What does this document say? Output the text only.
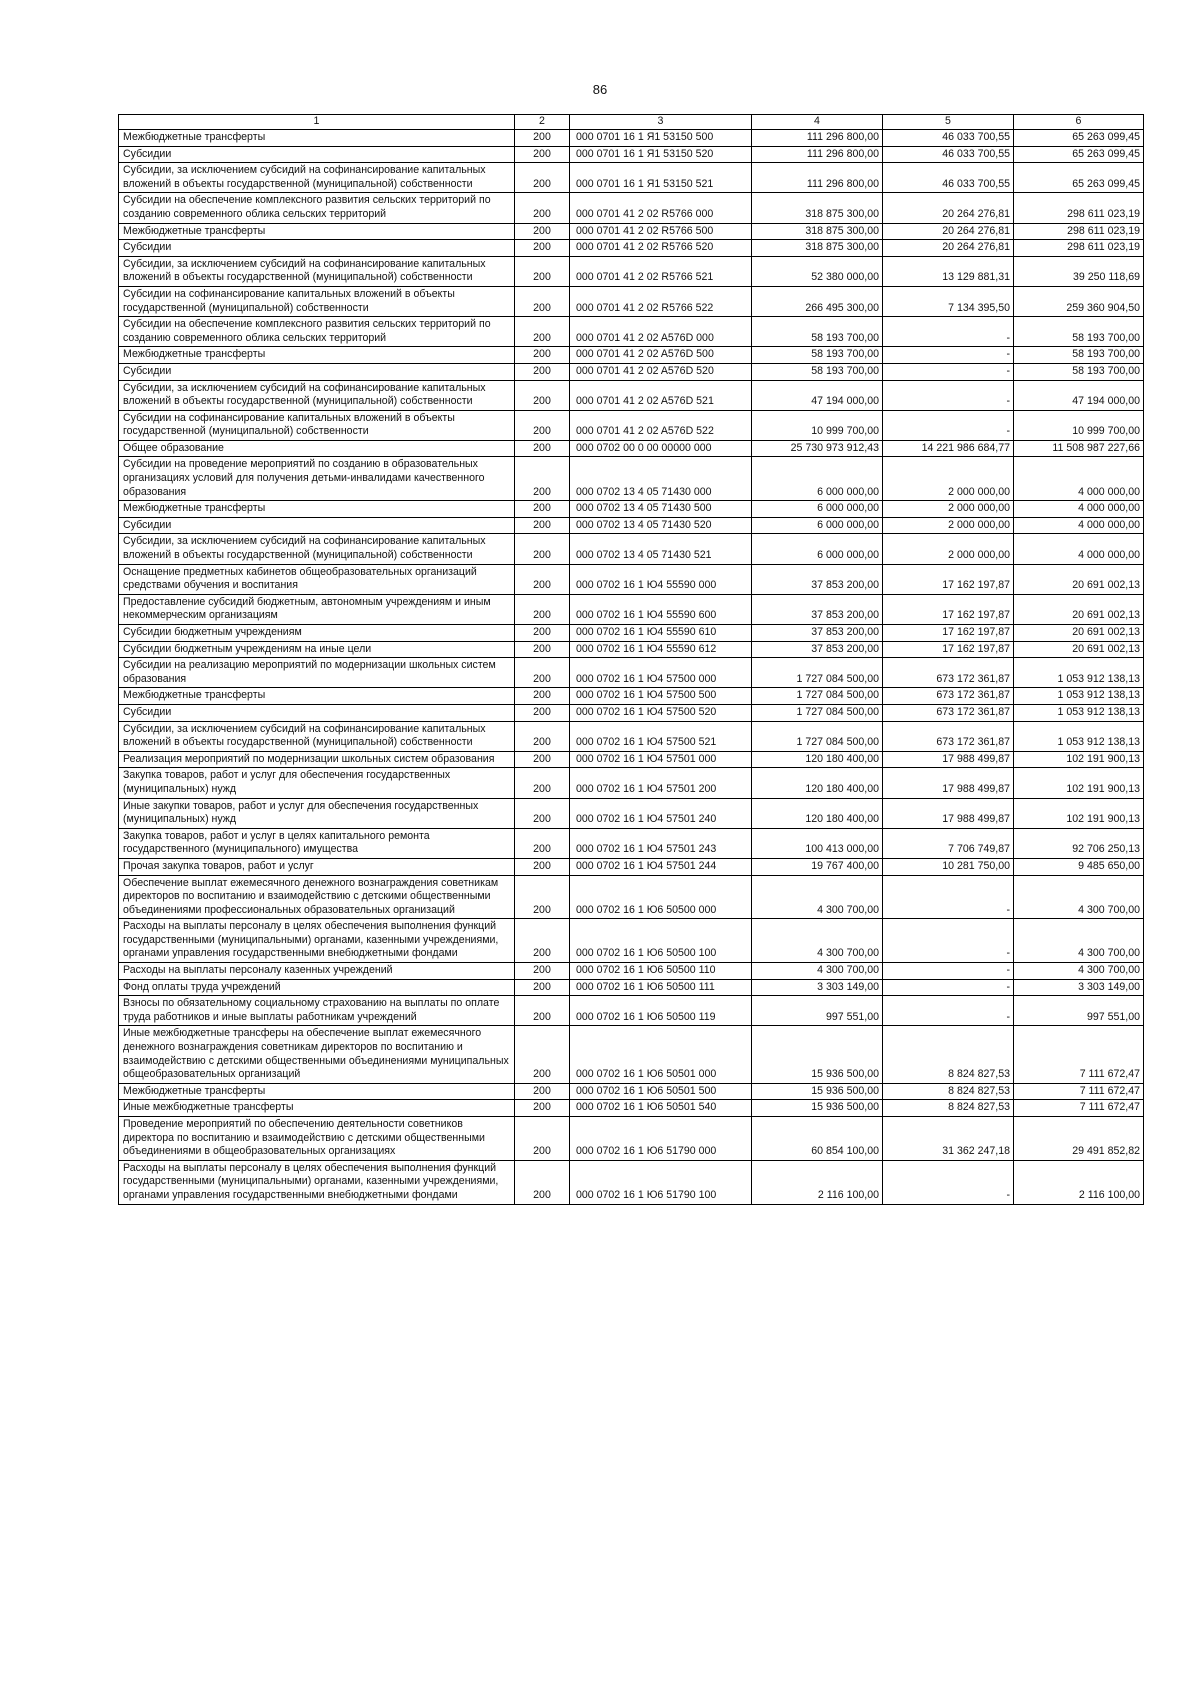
86
1	2	3	4	5	6
Межбюджетные трансферты	200	000 0701 16 1 Я1 53150 500	111 296 800,00	46 033 700,55	65 263 099,45
Субсидии	200	000 0701 16 1 Я1 53150 520	111 296 800,00	46 033 700,55	65 263 099,45
Субсидии, за исключением субсидий на софинансирование капитальных вложений в объекты государственной (муниципальной) собственности	200	000 0701 16 1 Я1 53150 521	111 296 800,00	46 033 700,55	65 263 099,45
Субсидии на обеспечение комплексного развития сельских территорий по созданию современного облика сельских территорий	200	000 0701 41 2 02 R5766 000	318 875 300,00	20 264 276,81	298 611 023,19
Межбюджетные трансферты	200	000 0701 41 2 02 R5766 500	318 875 300,00	20 264 276,81	298 611 023,19
Субсидии	200	000 0701 41 2 02 R5766 520	318 875 300,00	20 264 276,81	298 611 023,19
Субсидии, за исключением субсидий на софинансирование капитальных вложений в объекты государственной (муниципальной) собственности	200	000 0701 41 2 02 R5766 521	52 380 000,00	13 129 881,31	39 250 118,69
Субсидии на софинансирование капитальных вложений в объекты государственной (муниципальной) собственности	200	000 0701 41 2 02 R5766 522	266 495 300,00	7 134 395,50	259 360 904,50
Субсидии на обеспечение комплексного развития сельских территорий по созданию современного облика сельских территорий	200	000 0701 41 2 02 A576D 000	58 193 700,00	-	58 193 700,00
Межбюджетные трансферты	200	000 0701 41 2 02 A576D 500	58 193 700,00	-	58 193 700,00
Субсидии	200	000 0701 41 2 02 A576D 520	58 193 700,00	-	58 193 700,00
Субсидии, за исключением субсидий на софинансирование капитальных вложений в объекты государственной (муниципальной) собственности	200	000 0701 41 2 02 A576D 521	47 194 000,00	-	47 194 000,00
Субсидии на софинансирование капитальных вложений в объекты государственной (муниципальной) собственности	200	000 0701 41 2 02 A576D 522	10 999 700,00	-	10 999 700,00
Общее образование	200	000 0702 00 0 00 00000 000	25 730 973 912,43	14 221 986 684,77	11 508 987 227,66
Субсидии на проведение мероприятий по созданию в образовательных организациях условий для получения детьми-инвалидами качественного образования	200	000 0702 13 4 05 71430 000	6 000 000,00	2 000 000,00	4 000 000,00
Межбюджетные трансферты	200	000 0702 13 4 05 71430 500	6 000 000,00	2 000 000,00	4 000 000,00
Субсидии	200	000 0702 13 4 05 71430 520	6 000 000,00	2 000 000,00	4 000 000,00
Субсидии, за исключением субсидий на софинансирование капитальных вложений в объекты государственной (муниципальной) собственности	200	000 0702 13 4 05 71430 521	6 000 000,00	2 000 000,00	4 000 000,00
Оснащение предметных кабинетов общеобразовательных организаций средствами обучения и воспитания	200	000 0702 16 1 Ю4 55590 000	37 853 200,00	17 162 197,87	20 691 002,13
Предоставление субсидий бюджетным, автономным учреждениям и иным некоммерческим организациям	200	000 0702 16 1 Ю4 55590 600	37 853 200,00	17 162 197,87	20 691 002,13
Субсидии бюджетным учреждениям	200	000 0702 16 1 Ю4 55590 610	37 853 200,00	17 162 197,87	20 691 002,13
Субсидии бюджетным учреждениям на иные цели	200	000 0702 16 1 Ю4 55590 612	37 853 200,00	17 162 197,87	20 691 002,13
Субсидии на реализацию мероприятий по модернизации школьных систем образования	200	000 0702 16 1 Ю4 57500 000	1 727 084 500,00	673 172 361,87	1 053 912 138,13
Межбюджетные трансферты	200	000 0702 16 1 Ю4 57500 500	1 727 084 500,00	673 172 361,87	1 053 912 138,13
Субсидии	200	000 0702 16 1 Ю4 57500 520	1 727 084 500,00	673 172 361,87	1 053 912 138,13
Субсидии, за исключением субсидий на софинансирование капитальных вложений в объекты государственной (муниципальной) собственности	200	000 0702 16 1 Ю4 57500 521	1 727 084 500,00	673 172 361,87	1 053 912 138,13
Реализация мероприятий по модернизации школьных систем образования	200	000 0702 16 1 Ю4 57501 000	120 180 400,00	17 988 499,87	102 191 900,13
Закупка товаров, работ и услуг для обеспечения государственных (муниципальных) нужд	200	000 0702 16 1 Ю4 57501 200	120 180 400,00	17 988 499,87	102 191 900,13
Иные закупки товаров, работ и услуг для обеспечения государственных (муниципальных) нужд	200	000 0702 16 1 Ю4 57501 240	120 180 400,00	17 988 499,87	102 191 900,13
Закупка товаров, работ и услуг в целях капитального ремонта государственного (муниципального) имущества	200	000 0702 16 1 Ю4 57501 243	100 413 000,00	7 706 749,87	92 706 250,13
Прочая закупка товаров, работ и услуг	200	000 0702 16 1 Ю4 57501 244	19 767 400,00	10 281 750,00	9 485 650,00
Обеспечение выплат ежемесячного денежного вознаграждения советникам директоров по воспитанию и взаимодействию с детскими общественными объединениями профессиональных образовательных организаций	200	000 0702 16 1 Ю6 50500 000	4 300 700,00	-	4 300 700,00
Расходы на выплаты персоналу в целях обеспечения выполнения функций государственными (муниципальными) органами, казенными учреждениями, органами управления государственными внебюджетными фондами	200	000 0702 16 1 Ю6 50500 100	4 300 700,00	-	4 300 700,00
Расходы на выплаты персоналу казенных учреждений	200	000 0702 16 1 Ю6 50500 110	4 300 700,00	-	4 300 700,00
Фонд оплаты труда учреждений	200	000 0702 16 1 Ю6 50500 111	3 303 149,00	-	3 303 149,00
Взносы по обязательному социальному страхованию на выплаты по оплате труда работников и иные выплаты работникам учреждений	200	000 0702 16 1 Ю6 50500 119	997 551,00	-	997 551,00
Иные межбюджетные трансферы на обеспечение выплат ежемесячного денежного вознаграждения советникам директоров по воспитанию и взаимодействию с детскими общественными объединениями муниципальных общеобразовательных организаций	200	000 0702 16 1 Ю6 50501 000	15 936 500,00	8 824 827,53	7 111 672,47
Межбюджетные трансферты	200	000 0702 16 1 Ю6 50501 500	15 936 500,00	8 824 827,53	7 111 672,47
Иные межбюджетные трансферты	200	000 0702 16 1 Ю6 50501 540	15 936 500,00	8 824 827,53	7 111 672,47
Проведение мероприятий по обеспечению деятельности советников директора по воспитанию и взаимодействию с детскими общественными объединениями в общеобразовательных организациях	200	000 0702 16 1 Ю6 51790 000	60 854 100,00	31 362 247,18	29 491 852,82
Расходы на выплаты персоналу в целях обеспечения выполнения функций государственными (муниципальными) органами, казенными учреждениями, органами управления государственными внебюджетными фондами	200	000 0702 16 1 Ю6 51790 100	2 116 100,00	-	2 116 100,00
